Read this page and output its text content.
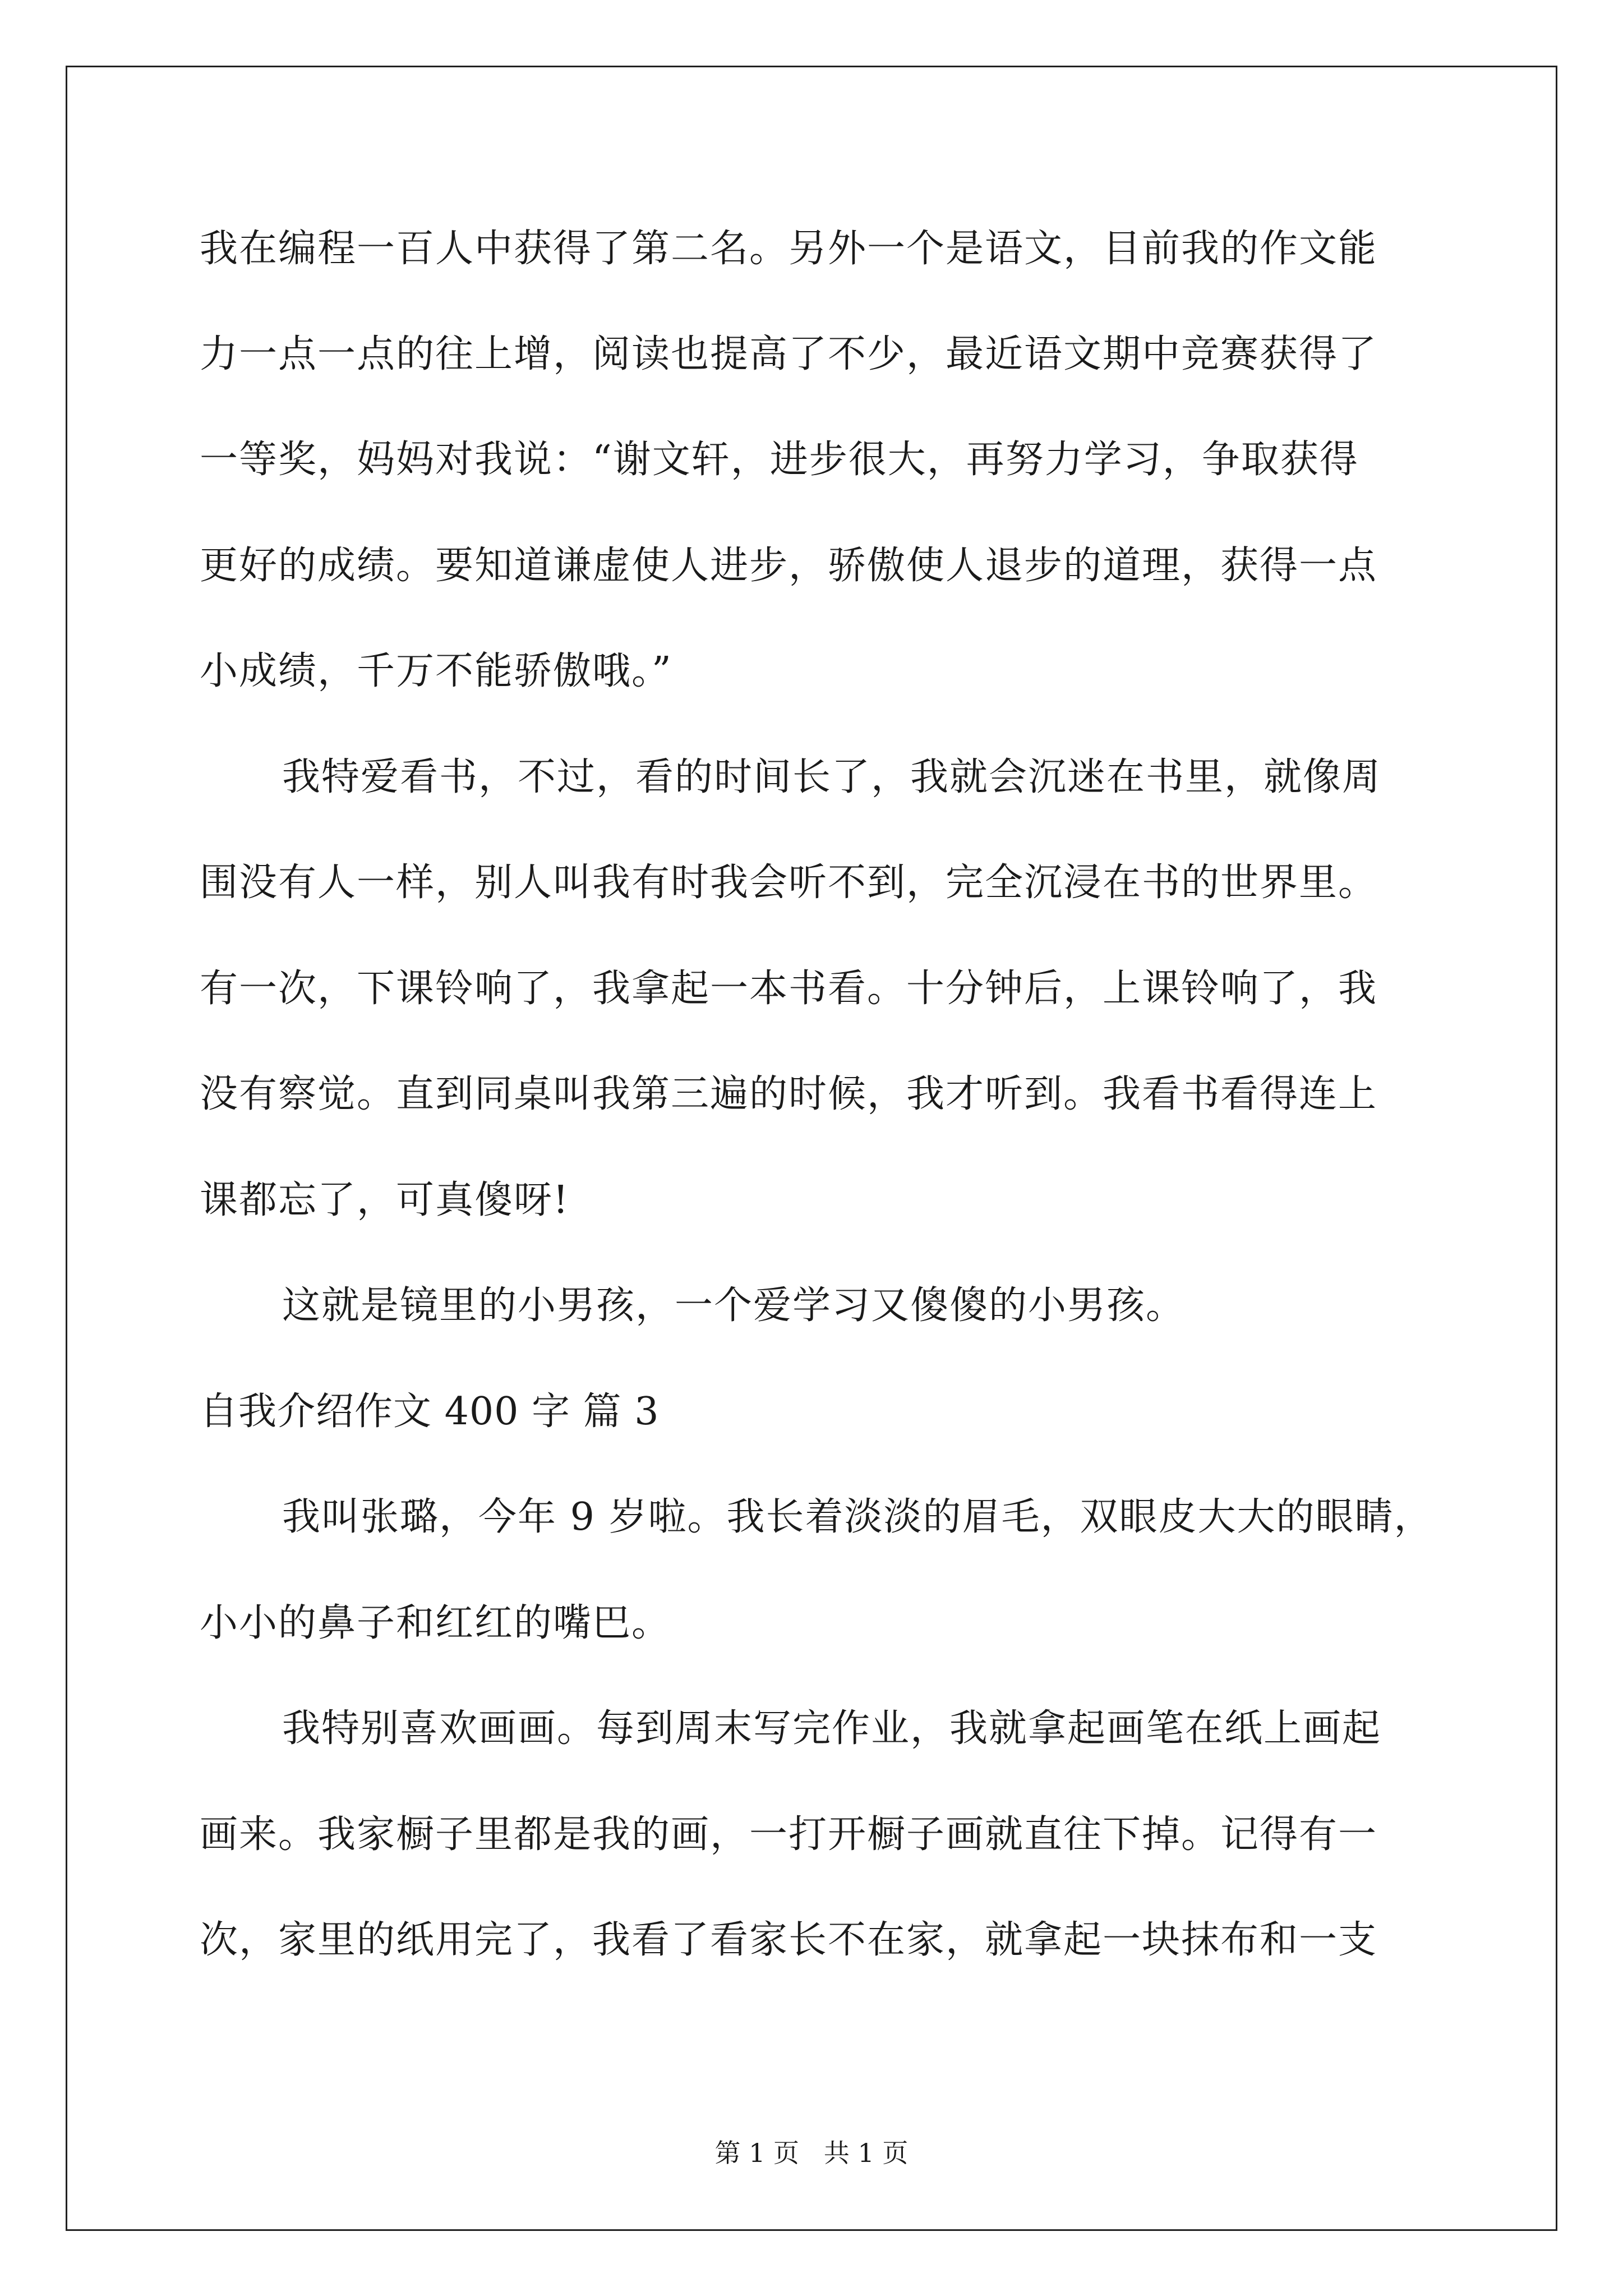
我在编程一百人中获得了第二名。另外一个是语文，目前我的作文能

力一点一点的往上增，阅读也提高了不少，最近语文期中竞赛获得了

一等奖，妈妈对我说：“谢文轩，进步很大，再努力学习，争取获得

更好的成绩。要知道谦虚使人进步，骄傲使人退步的道理，获得一点

小成绩，千万不能骄傲哦。”

我特爱看书，不过，看的时间长了，我就会沉迷在书里，就像周

围没有人一样，别人叫我有时我会听不到，完全沉浸在书的世界里。

有一次，下课铃响了，我拿起一本书看。十分钟后，上课铃响了，我

没有察觉。直到同桌叫我第三遍的时候，我才听到。我看书看得连上

课都忘了，可真傻呀!

这就是镜里的小男孩，一个爱学习又傻傻的小男孩。

自我介绍作文 400 字 篇 3

我叫张璐，今年 9 岁啦。我长着淡淡的眉毛，双眼皮大大的眼睛，

小小的鼻子和红红的嘴巴。

我特别喜欢画画。每到周末写完作业，我就拿起画笔在纸上画起

画来。我家橱子里都是我的画，一打开橱子画就直往下掉。记得有一

次，家里的纸用完了，我看了看家长不在家，就拿起一块抹布和一支

第 1 页   共 1 页
